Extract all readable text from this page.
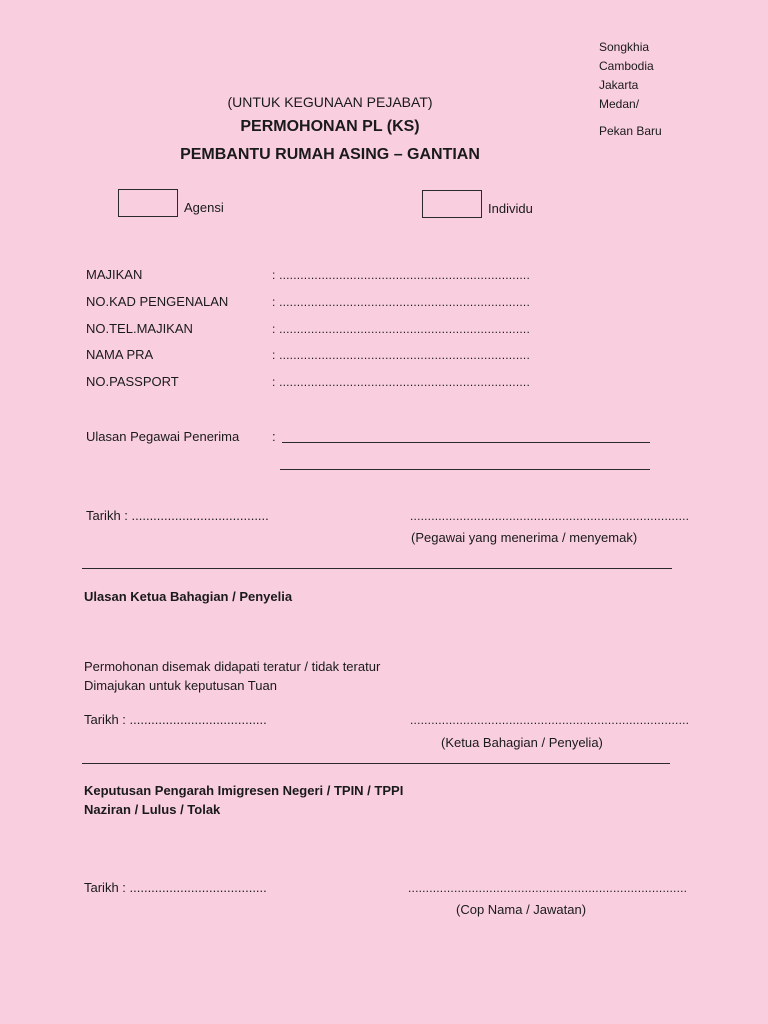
Songkhia
Cambodia
Jakarta
Medan/
Pekan Baru
(UNTUK KEGUNAAN PEJABAT)
PERMOHONAN PL (KS)
PEMBANTU RUMAH ASING – GANTIAN
Agensi	Individu
MAJIKAN	: .......................................................................
NO.KAD PENGENALAN	: .......................................................................
NO.TEL.MAJIKAN	: .......................................................................
NAMA PRA	: .......................................................................
NO.PASSPORT	: .......................................................................
Ulasan Pegawai Penerima	:
Tarikh : ......................................	...............................................................................
(Pegawai yang menerima / menyemak)
Ulasan Ketua Bahagian / Penyelia
Permohonan disemak didapati teratur / tidak teratur
Dimajukan untuk keputusan Tuan
Tarikh : ......................................	...............................................................................
(Ketua Bahagian / Penyelia)
Keputusan Pengarah Imigresen Negeri / TPIN / TPPI
Naziran / Lulus / Tolak
Tarikh : ......................................	...............................................................................
(Cop Nama / Jawatan)
